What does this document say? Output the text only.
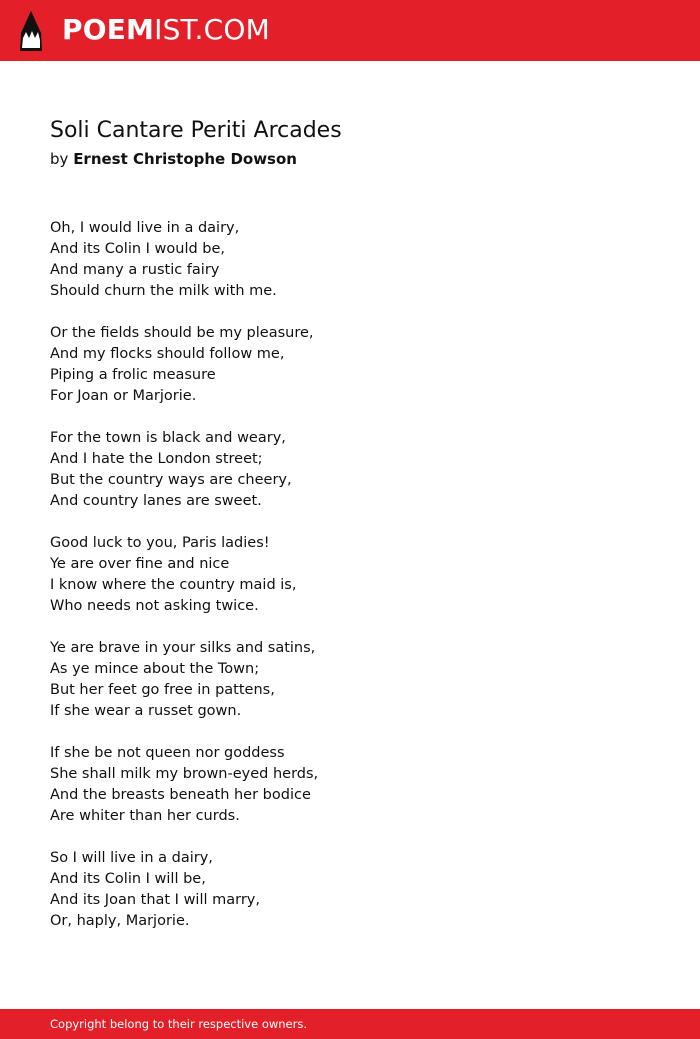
POEMIST.COM
Soli Cantare Periti Arcades
by Ernest Christophe Dowson
Oh, I would live in a dairy,
And its Colin I would be,
And many a rustic fairy
Should churn the milk with me.
Or the fields should be my pleasure,
And my flocks should follow me,
Piping a frolic measure
For Joan or Marjorie.
For the town is black and weary,
And I hate the London street;
But the country ways are cheery,
And country lanes are sweet.
Good luck to you, Paris ladies!
Ye are over fine and nice
I know where the country maid is,
Who needs not asking twice.
Ye are brave in your silks and satins,
As ye mince about the Town;
But her feet go free in pattens,
If she wear a russet gown.
If she be not queen nor goddess
She shall milk my brown-eyed herds,
And the breasts beneath her bodice
Are whiter than her curds.
So I will live in a dairy,
And its Colin I will be,
And its Joan that I will marry,
Or, haply, Marjorie.
Copyright belong to their respective owners.
